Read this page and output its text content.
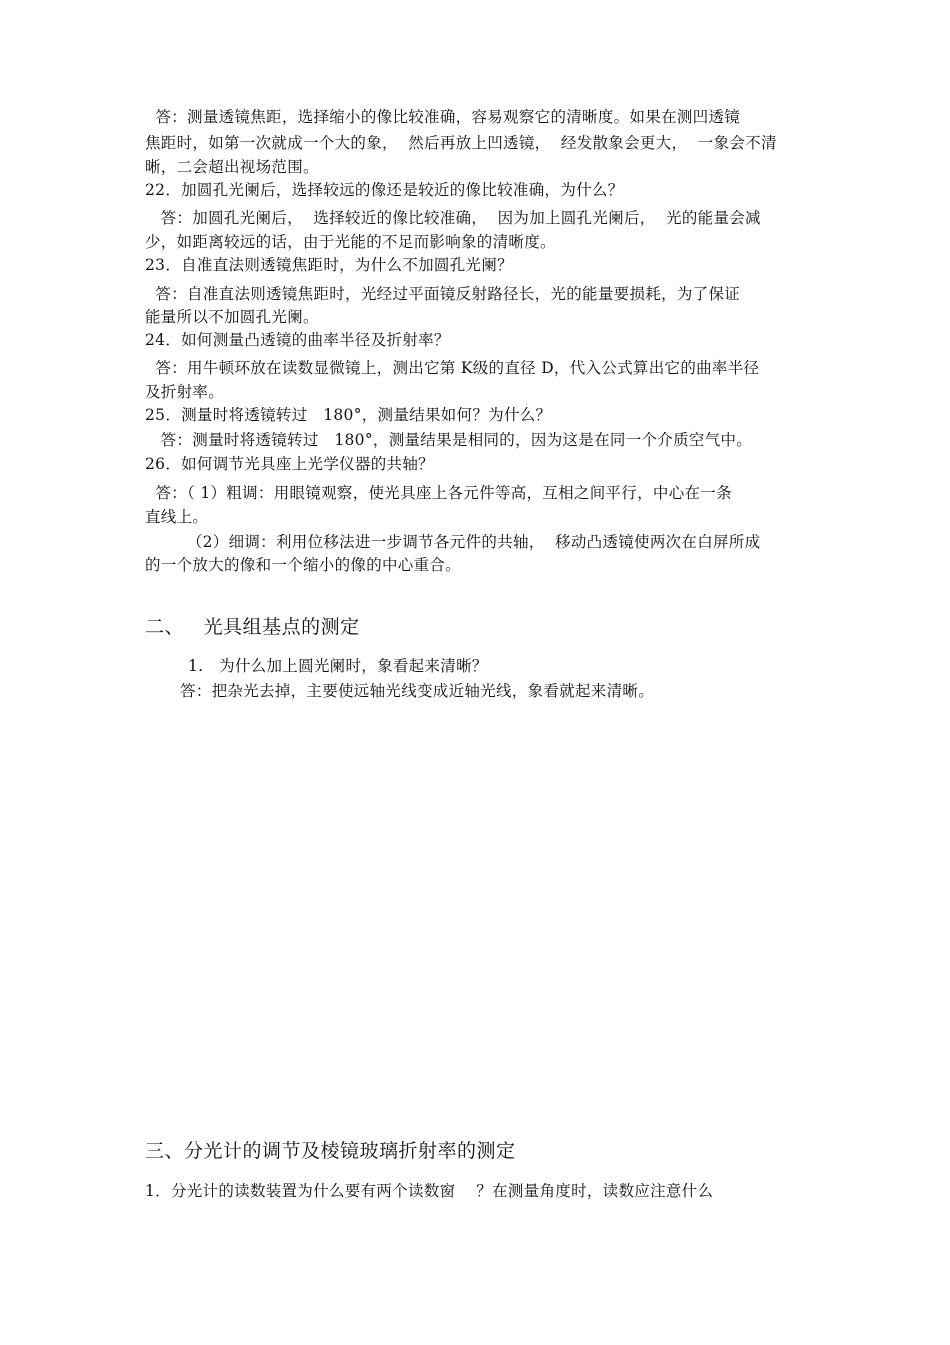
答：测量透镜焦距，选择缩小的像比较准确，容易观察它的清晰度。如果在测凹透镜
焦距时，如第一次就成一个大的象，  然后再放上凹透镜，  经发散象会更大，  一象会不清
晰，二会超出视场范围。
22．加圆孔光阑后，选择较远的像还是较近的像比较准确，为什么？
答：加圆孔光阑后，  选择较近的像比较准确，  因为加上圆孔光阑后，  光的能量会减
少，如距离较远的话，由于光能的不足而影响象的清晰度。
23．自准直法则透镜焦距时，为什么不加圆孔光阑？
答：自准直法则透镜焦距时，光经过平面镜反射路径长，光的能量要损耗，为了保证
能量所以不加圆孔光阑。
24．如何测量凸透镜的曲率半径及折射率？
答：用牛顿环放在读数显微镜上，测出它第 K级的直径 D，代入公式算出它的曲率半径
及折射率。
25．测量时将透镜转过   180°，测量结果如何？为什么？
答：测量时将透镜转过   180°，测量结果是相同的，因为这是在同一个介质空气中。
26．如何调节光具座上光学仪器的共轴？
答：（ 1）粗调：用眼镜观察，使光具座上各元件等高，互相之间平行，中心在一条
直线上。
（2）细调：利用位移法进一步调节各元件的共轴，  移动凸透镜使两次在白屏所成
的一个放大的像和一个缩小的像的中心重合。
二、   光具组基点的测定
1.   为什么加上圆光阑时，象看起来清晰？
答：把杂光去掉，主要使远轴光线变成近轴光线，象看就起来清晰。
三、分光计的调节及棱镜玻璃折射率的测定
1．分光计的读数装置为什么要有两个读数窗    ？在测量角度时，读数应注意什么
